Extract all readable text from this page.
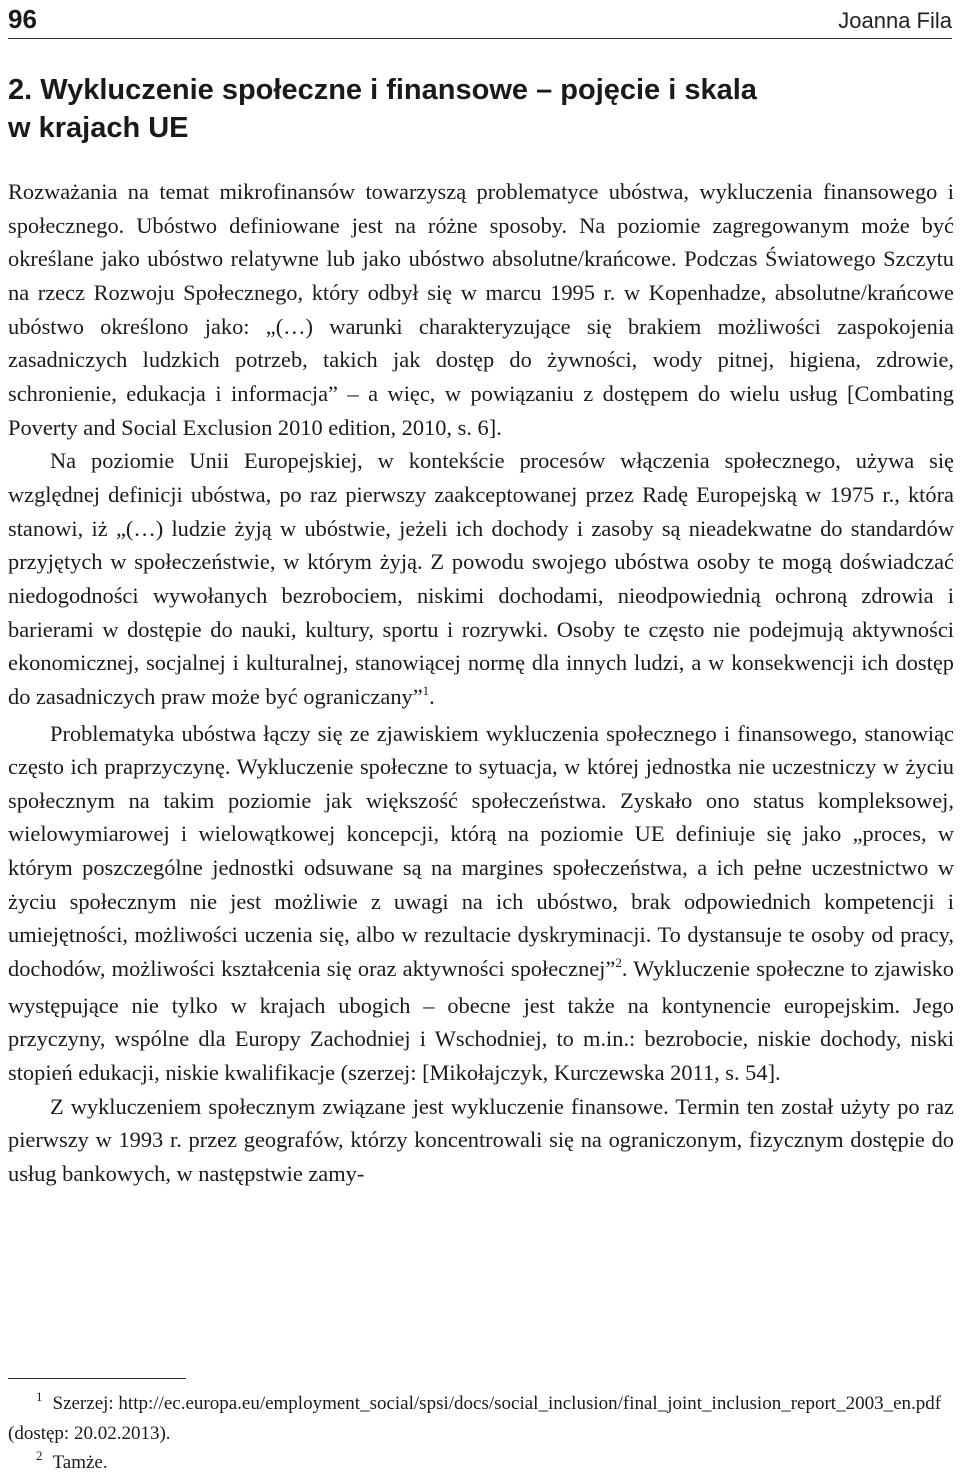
96	Joanna Fila
2. Wykluczenie społeczne i finansowe – pojęcie i skala
w krajach UE

Rozważania na temat mikrofinansów towarzyszą problematyce ubóstwa, wykluczenia finansowego i społecznego. Ubóstwo definiowane jest na różne sposoby. Na poziomie zagregowanym może być określane jako ubóstwo relatywne lub jako ubóstwo absolutne/krańcowe. Podczas Światowego Szczytu na rzecz Rozwoju Społecznego, który odbył się w marcu 1995 r. w Kopenhadze, absolutne/krańcowe ubóstwo określono jako: „(…) warunki charakteryzujące się brakiem możliwości zaspokojenia zasadniczych ludzkich potrzeb, takich jak dostęp do żywności, wody pitnej, higiena, zdrowie, schronienie, edukacja i informacja” – a więc, w powiązaniu z dostępem do wielu usług [Combating Poverty and Social Exclusion 2010 edition, 2010, s. 6].

Na poziomie Unii Europejskiej, w kontekście procesów włączenia społecznego, używa się względnej definicji ubóstwa, po raz pierwszy zaakceptowanej przez Radę Europejską w 1975 r., która stanowi, iż „(…) ludzie żyją w ubóstwie, jeżeli ich dochody i zasoby są nieadekwatne do standardów przyjętych w społeczeństwie, w którym żyją. Z powodu swojego ubóstwa osoby te mogą doświadczać niedogodności wywołanych bezrobociem, niskimi dochodami, nieodpowiednią ochroną zdrowia i barierami w dostępie do nauki, kultury, sportu i rozrywki. Osoby te często nie podejmują aktywności ekonomicznej, socjalnej i kulturalnej, stanowiącej normę dla innych ludzi, a w konsekwencji ich dostęp do zasadniczych praw może być ograniczany”$^1$.

Problematyka ubóstwa łączy się ze zjawiskiem wykluczenia społecznego i finansowego, stanowiąc często ich praprzyczynę. Wykluczenie społeczne to sytuacja, w której jednostka nie uczestniczy w życiu społecznym na takim poziomie jak większość społeczeństwa. Zyskało ono status kompleksowej, wielowymiarowej i wielowątkowej koncepcji, którą na poziomie UE definiuje się jako „proces, w którym poszczególne jednostki odsuwane są na margines społeczeństwa, a ich pełne uczestnictwo w życiu społecznym nie jest możliwie z uwagi na ich ubóstwo, brak odpowiednich kompetencji i umiejętności, możliwości uczenia się, albo w rezultacie dyskryminacji. To dystansuje te osoby od pracy, dochodów, możliwości kształcenia się oraz aktywności społecznej”$^2$. Wykluczenie społeczne to zjawisko występujące nie tylko w krajach ubogich – obecne jest także na kontynencie europejskim. Jego przyczyny, wspólne dla Europy Zachodniej i Wschodniej, to m.in.: bezrobocie, niskie dochody, niski stopień edukacji, niskie kwalifikacje (szerzej: [Mikołajczyk, Kurczewska 2011, s. 54].

Z wykluczeniem społecznym związane jest wykluczenie finansowe. Termin ten został użyty po raz pierwszy w 1993 r. przez geografów, którzy koncentrowali się na ograniczonym, fizycznym dostępie do usług bankowych, w następstwie zamy-

$^1$ Szerzej: http://ec.europa.eu/employment_social/spsi/docs/social_inclusion/final_joint_inclusion_report_2003_en.pdf (dostęp: 20.02.2013).

$^2$ Tamże.
